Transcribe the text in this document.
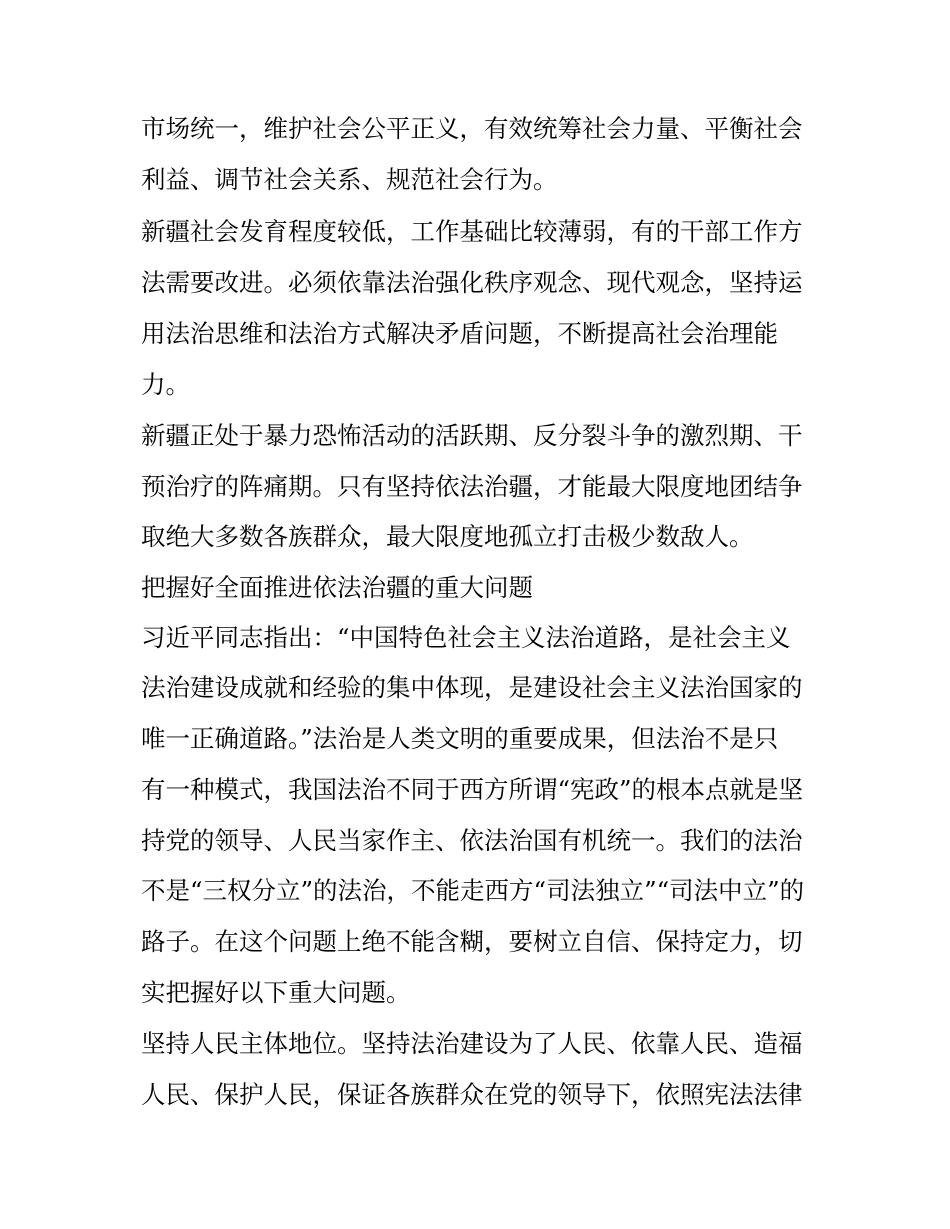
市场统一，维护社会公平正义，有效统筹社会力量、平衡社会
利益、调节社会关系、规范社会行为。
新疆社会发育程度较低，工作基础比较薄弱，有的干部工作方
法需要改进。必须依靠法治强化秩序观念、现代观念，坚持运
用法治思维和法治方式解决矛盾问题，不断提高社会治理能
力。
新疆正处于暴力恐怖活动的活跃期、反分裂斗争的激烈期、干
预治疗的阵痛期。只有坚持依法治疆，才能最大限度地团结争
取绝大多数各族群众，最大限度地孤立打击极少数敌人。
把握好全面推进依法治疆的重大问题
习近平同志指出：“中国特色社会主义法治道路，是社会主义
法治建设成就和经验的集中体现，是建设社会主义法治国家的
唯一正确道路。”法治是人类文明的重要成果，但法治不是只
有一种模式，我国法治不同于西方所谓“宪政”的根本点就是坚
持党的领导、人民当家作主、依法治国有机统一。我们的法治
不是“三权分立”的法治，不能走西方“司法独立”“司法中立”的
路子。在这个问题上绝不能含糊，要树立自信、保持定力，切
实把握好以下重大问题。
坚持人民主体地位。坚持法治建设为了人民、依靠人民、造福
人民、保护人民，保证各族群众在党的领导下，依照宪法法律
